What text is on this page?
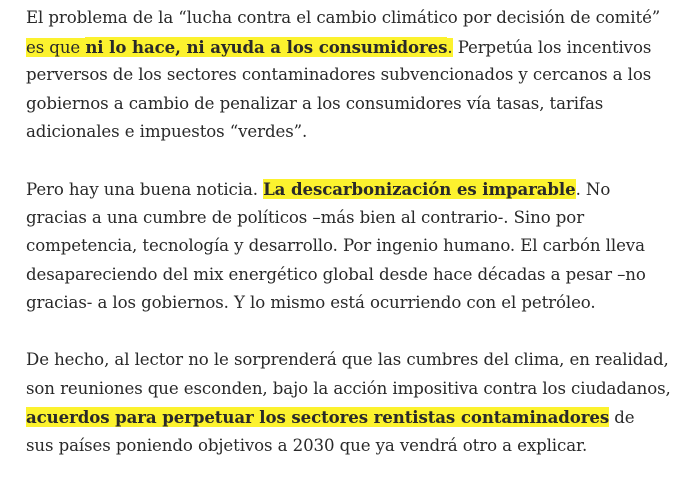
El problema de la “lucha contra el cambio climático por decisión de comité”
es que ni lo hace, ni ayuda a los consumidores. Perpetúa los incentivos
perversos de los sectores contaminadores subvencionados y cercanos a los
gobiernos a cambio de penalizar a los consumidores vía tasas, tarifas
adicionales e impuestos “verdes”.

Pero hay una buena noticia. La descarbonización es imparable. No
gracias a una cumbre de políticos –más bien al contrario-. Sino por
competencia, tecnología y desarrollo. Por ingenio humano. El carbón lleva
desapareciendo del mix energético global desde hace décadas a pesar –no
gracias- a los gobiernos. Y lo mismo está ocurriendo con el petróleo.

De hecho, al lector no le sorprenderá que las cumbres del clima, en realidad,
son reuniones que esconden, bajo la acción impositiva contra los ciudadanos,
acuerdos para perpetuar los sectores rentistas contaminadores de
sus países poniendo objetivos a 2030 que ya vendrá otro a explicar.
